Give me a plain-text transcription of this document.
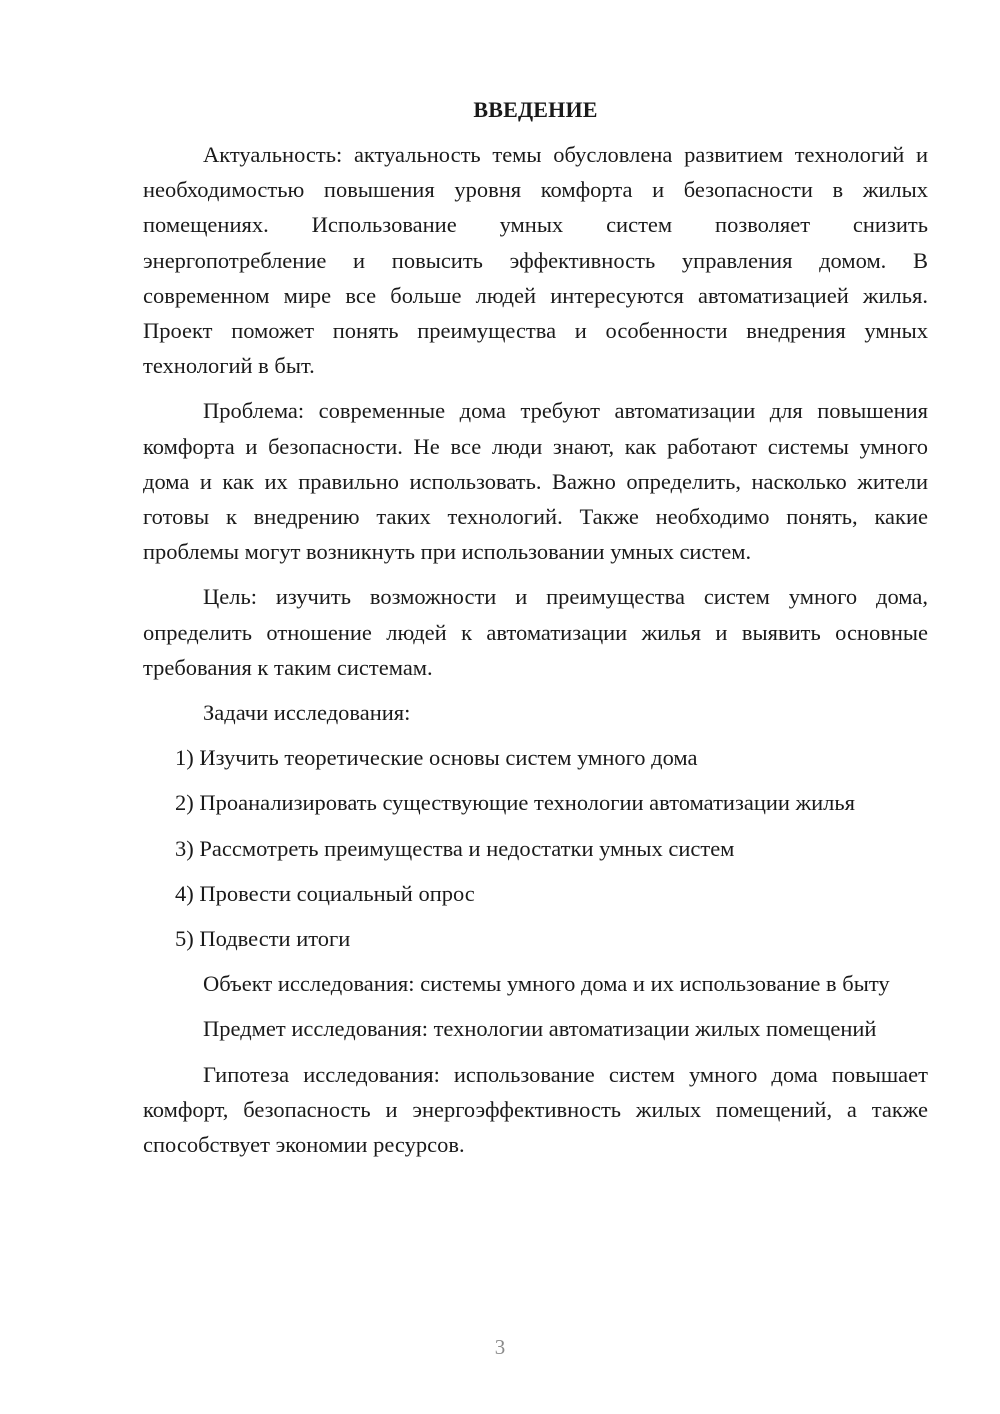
ВВЕДЕНИЕ

Актуальность: актуальность темы обусловлена развитием технологий и необходимостью повышения уровня комфорта и безопасности в жилых помещениях. Использование умных систем позволяет снизить энергопотребление и повысить эффективность управления домом. В современном мире все больше людей интересуются автоматизацией жилья. Проект поможет понять преимущества и особенности внедрения умных технологий в быт.

Проблема: современные дома требуют автоматизации для повышения комфорта и безопасности. Не все люди знают, как работают системы умного дома и как их правильно использовать. Важно определить, насколько жители готовы к внедрению таких технологий. Также необходимо понять, какие проблемы могут возникнуть при использовании умных систем.

Цель: изучить возможности и преимущества систем умного дома, определить отношение людей к автоматизации жилья и выявить основные требования к таким системам.

Задачи исследования:

1) Изучить теоретические основы систем умного дома

2) Проанализировать существующие технологии автоматизации жилья

3) Рассмотреть преимущества и недостатки умных систем

4) Провести социальный опрос

5) Подвести итоги

Объект исследования: системы умного дома и их использование в быту

Предмет исследования: технологии автоматизации жилых помещений

Гипотеза исследования: использование систем умного дома повышает комфорт, безопасность и энергоэффективность жилых помещений, а также способствует экономии ресурсов.

3
